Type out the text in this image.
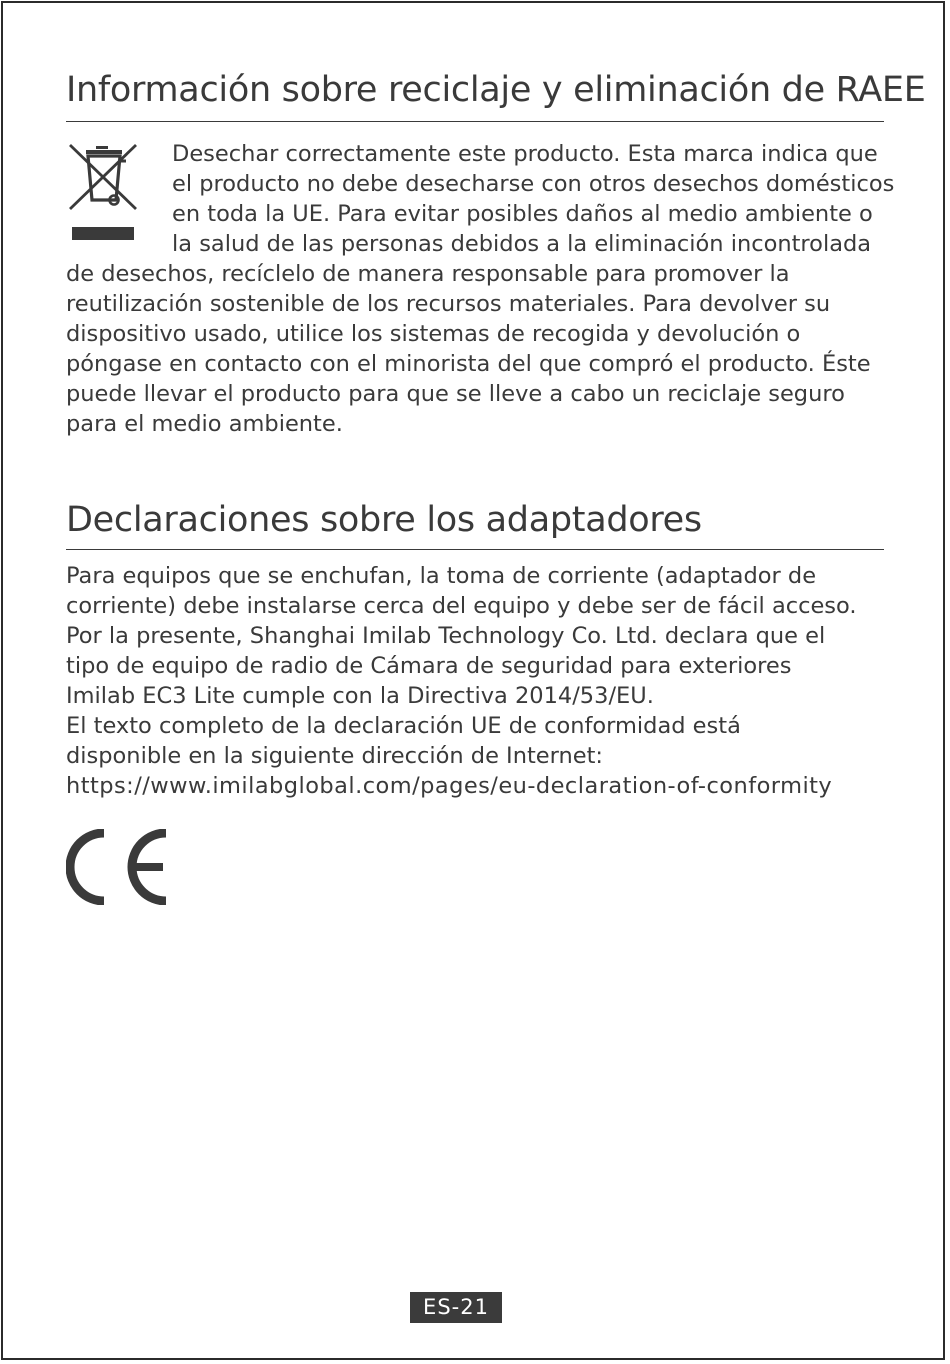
Información sobre reciclaje y eliminación de RAEE

Desechar correctamente este producto. Esta marca indica que el producto no debe desecharse con otros desechos domésticos en toda la UE. Para evitar posibles daños al medio ambiente o la salud de las personas debidos a la eliminación incontrolada de desechos, recíclelo de manera responsable para promover la reutilización sostenible de los recursos materiales. Para devolver su dispositivo usado, utilice los sistemas de recogida y devolución o póngase en contacto con el minorista del que compró el producto. Éste puede llevar el producto para que se lleve a cabo un reciclaje seguro para el medio ambiente.

Declaraciones sobre los adaptadores
Para equipos que se enchufan, la toma de corriente (adaptador de
corriente) debe instalarse cerca del equipo y debe ser de fácil acceso.
Por la presente, Shanghai Imilab Technology Co. Ltd. declara que el
tipo de equipo de radio de Cámara de seguridad para exteriores
Imilab EC3 Lite cumple con la Directiva 2014/53/EU.
El texto completo de la declaración UE de conformidad está
disponible en la siguiente dirección de Internet:
https://www.imilabglobal.com/pages/eu-declaration-of-conformity
ES-21
